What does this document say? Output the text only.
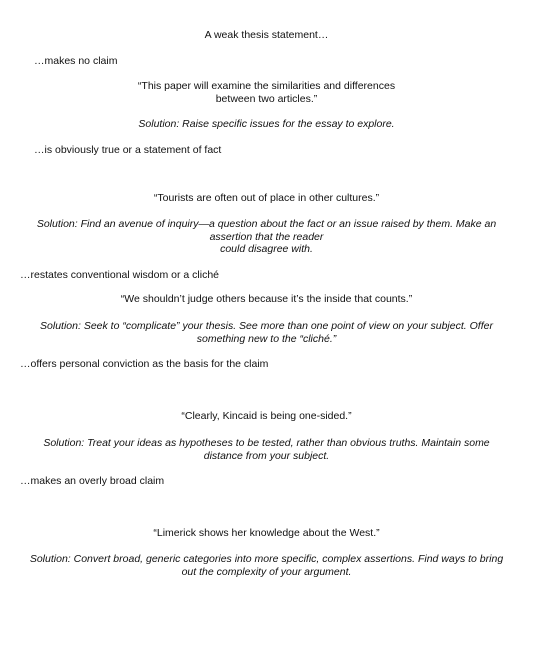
A weak thesis statement…

…makes no claim

“This paper will examine the similarities and differences
between two articles.”
Solution: Raise specific issues for the essay to explore.

…is obviously true or a statement of fact

“Tourists are often out of place in other cultures.”
Solution: Find an avenue of inquiry—a question about the fact or an issue raised by them. Make an
assertion that the reader
could disagree with.

…restates conventional wisdom or a cliché

“We shouldn’t judge others because it’s the inside that counts.”
Solution: Seek to “complicate” your thesis. See more than one point of view on your subject. Offer
something new to the “cliché.”

…offers personal conviction as the basis for the claim

“Clearly, Kincaid is being one-sided.”
Solution: Treat your ideas as hypotheses to be tested, rather than obvious truths. Maintain some
distance from your subject.

…makes an overly broad claim

“Limerick shows her knowledge about the West.”
Solution: Convert broad, generic categories into more specific, complex assertions. Find ways to bring
out the complexity of your argument.
